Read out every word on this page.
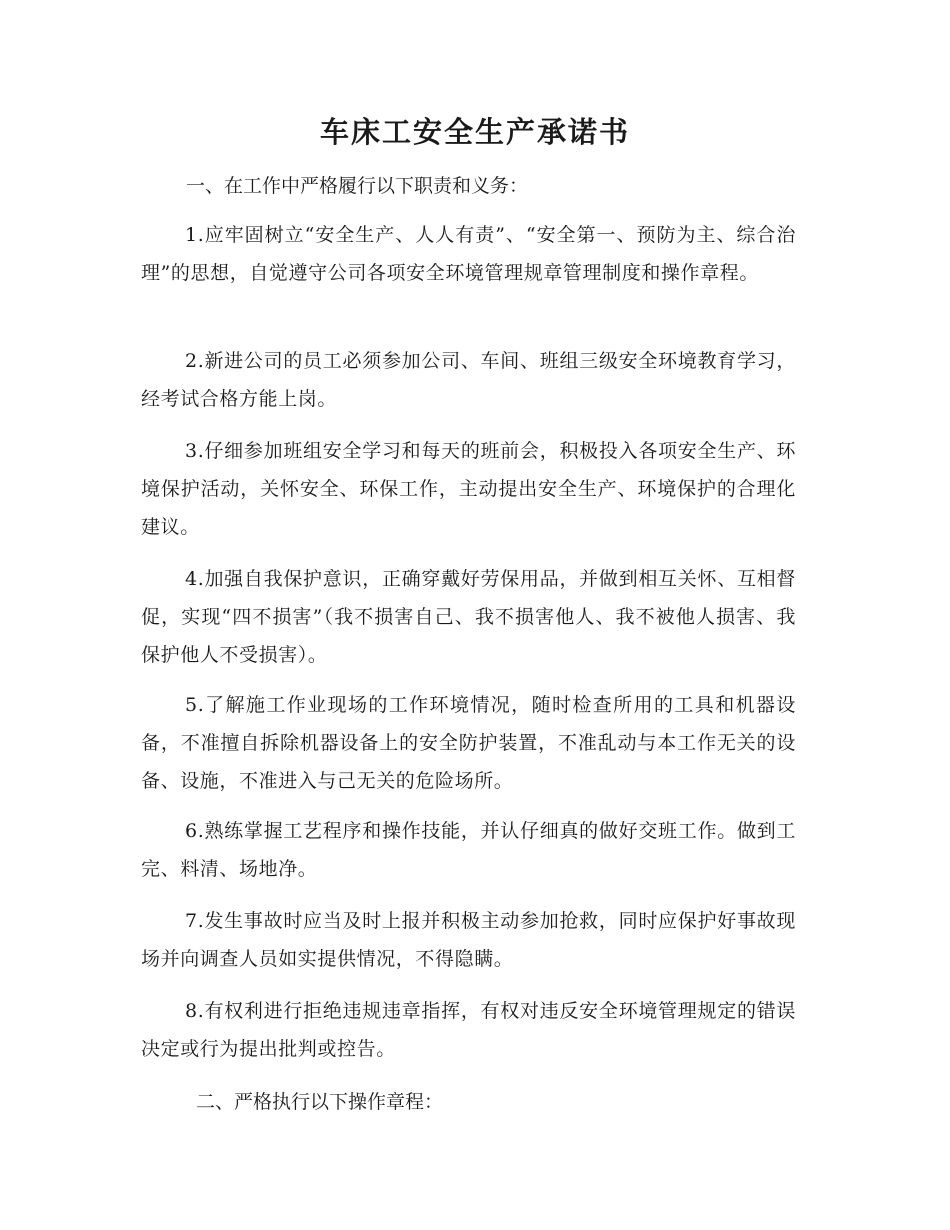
车床工安全生产承诺书

一、在工作中严格履行以下职责和义务：

1.应牢固树立“安全生产、人人有责”、“安全第一、预防为主、综合治理”的思想，自觉遵守公司各项安全环境管理规章管理制度和操作章程。

2.新进公司的员工必须参加公司、车间、班组三级安全环境教育学习，经考试合格方能上岗。

3.仔细参加班组安全学习和每天的班前会，积极投入各项安全生产、环境保护活动，关怀安全、环保工作，主动提出安全生产、环境保护的合理化建议。

4.加强自我保护意识，正确穿戴好劳保用品，并做到相互关怀、互相督促，实现“四不损害”（我不损害自己、我不损害他人、我不被他人损害、我保护他人不受损害）。

5.了解施工作业现场的工作环境情况，随时检查所用的工具和机器设备，不准擅自拆除机器设备上的安全防护装置，不准乱动与本工作无关的设备、设施，不准进入与己无关的危险场所。

6.熟练掌握工艺程序和操作技能，并认仔细真的做好交班工作。做到工完、料清、场地净。

7.发生事故时应当及时上报并积极主动参加抢救，同时应保护好事故现场并向调查人员如实提供情况，不得隐瞒。

8.有权利进行拒绝违规违章指挥，有权对违反安全环境管理规定的错误决定或行为提出批判或控告。

二、严格执行以下操作章程：
